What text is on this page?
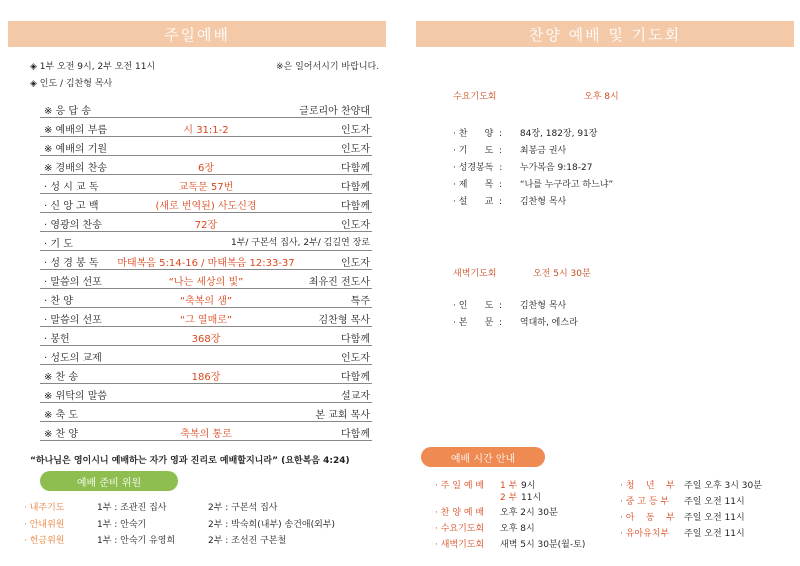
주일예배	찬양 예배 및 기도회
◈ 1부 오전 9시, 2부 오전 11시	※은 일어서시기 바랍니다.
◈ 인도 / 김찬형 목사
※ 응 답 송	글로리아 찬양대
※ 예배의 부름	시 31:1-2	인도자
※ 예배의 기원	인도자
※ 경배의 찬송	6장	다함께
· 성 시 교 독	교독문 57번	다함께
· 신 앙 고 백	(새로 번역된) 사도신경	다함께
· 영광의 찬송	72장	인도자
· 기 도	1부/ 구본석 집사, 2부/ 김길연 장로
· 성 경 봉 독	마태복음 5:14-16 / 마태복음 12:33-37	인도자
· 말씀의 선포	“나는 세상의 빛”	최유진 전도사
· 찬 양	“축복의 샘”	특주
· 말씀의 선포	“그 열매로”	김찬형 목사
· 봉헌	368장	다함께
· 성도의 교제	인도자
※ 찬 송	186장	다함께
※ 위탁의 말씀	설교자
※ 축 도	본 교회 목사
※ 찬 양	축복의 통로	다함께
“하나님은 영이시니 예배하는 자가 영과 진리로 예배할지니라” (요한복음 4:24)
예배 준비 위원
· 내주기도	1부 : 조관진 집사	2부 : 구본석 집사
· 안내위원	1부 : 안숙기	2부 : 박숙희(내부) 송건애(외부)
· 헌금위원	1부 : 안숙기 유영희	2부 : 조선진 구본철
수요기도회	오후 8시
· 찬      양  : 84장, 182장, 91장
· 기      도  : 최봉금 권사
· 성경봉독  : 누가복음 9:18-27
· 제      목  : “나를 누구라고 하느냐”
· 설      교  : 김찬형 목사
새벽기도회	오전 5시 30분
· 인      도  : 김찬형 목사
· 본      문  : 역대하, 에스라
예배 시간 안내
· 주 일 예 배 1 부 9시
2 부 11시
· 찬 양 예 배 오후 2시 30분
· 수요기도회 오후 8시
· 새벽기도회 새벽 5시 30분(월-토)
· 청    년    부 주일 오후 3시 30분
· 중 고 등 부 주일 오전 11시
· 아    동    부 주일 오전 11시
· 유아유치부 주일 오전 11시
